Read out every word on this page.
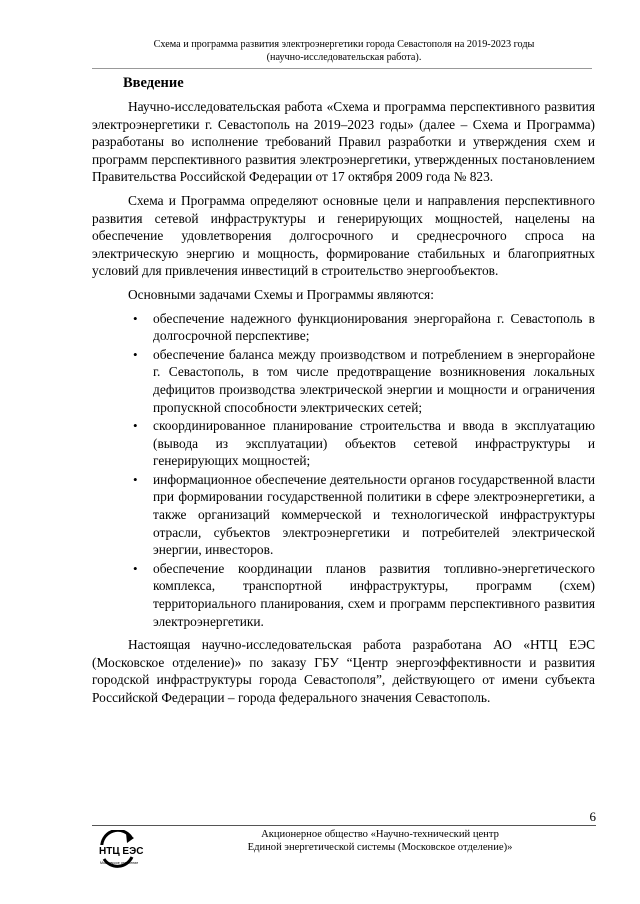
Схема и программа развития электроэнергетики города Севастополя на 2019-2023 годы
(научно-исследовательская работа).
Введение

Научно-исследовательская работа «Схема и программа перспективного развития электроэнергетики г. Севастополь на 2019–2023 годы» (далее – Схема и Программа) разработаны во исполнение требований Правил разработки и утверждения схем и программ перспективного развития электроэнергетики, утвержденных постановлением Правительства Российской Федерации от 17 октября 2009 года № 823.

Схема и Программа определяют основные цели и направления перспективного развития сетевой инфраструктуры и генерирующих мощностей, нацелены на обеспечение удовлетворения долгосрочного и среднесрочного спроса на электрическую энергию и мощность, формирование стабильных и благоприятных условий для привлечения инвестиций в строительство энергообъектов.

Основными задачами Схемы и Программы являются:

• обеспечение надежного функционирования энергорайона г. Севастополь в долгосрочной перспективе;
• обеспечение баланса между производством и потреблением в энергорайоне г. Севастополь, в том числе предотвращение возникновения локальных дефицитов производства электрической энергии и мощности и ограничения пропускной способности электрических сетей;
• скоординированное планирование строительства и ввода в эксплуатацию (вывода из эксплуатации) объектов сетевой инфраструктуры и генерирующих мощностей;
• информационное обеспечение деятельности органов государственной власти при формировании государственной политики в сфере электроэнергетики, а также организаций коммерческой и технологической инфраструктуры отрасли, субъектов электроэнергетики и потребителей электрической энергии, инвесторов.
• обеспечение координации планов развития топливно-энергетического комплекса, транспортной инфраструктуры, программ (схем) территориального планирования, схем и программ перспективного развития электроэнергетики.

Настоящая научно-исследовательская работа разработана АО «НТЦ ЕЭС (Московское отделение)» по заказу ГБУ “Центр энергоэффективности и развития городской инфраструктуры города Севастополя”, действующего от имени субъекта Российской Федерации – города федерального значения Севастополь.

6
НТЦ ЕЭС
Московское отделение
Акционерное общество «Научно-технический центр
Единой энергетической системы (Московское отделение)»
